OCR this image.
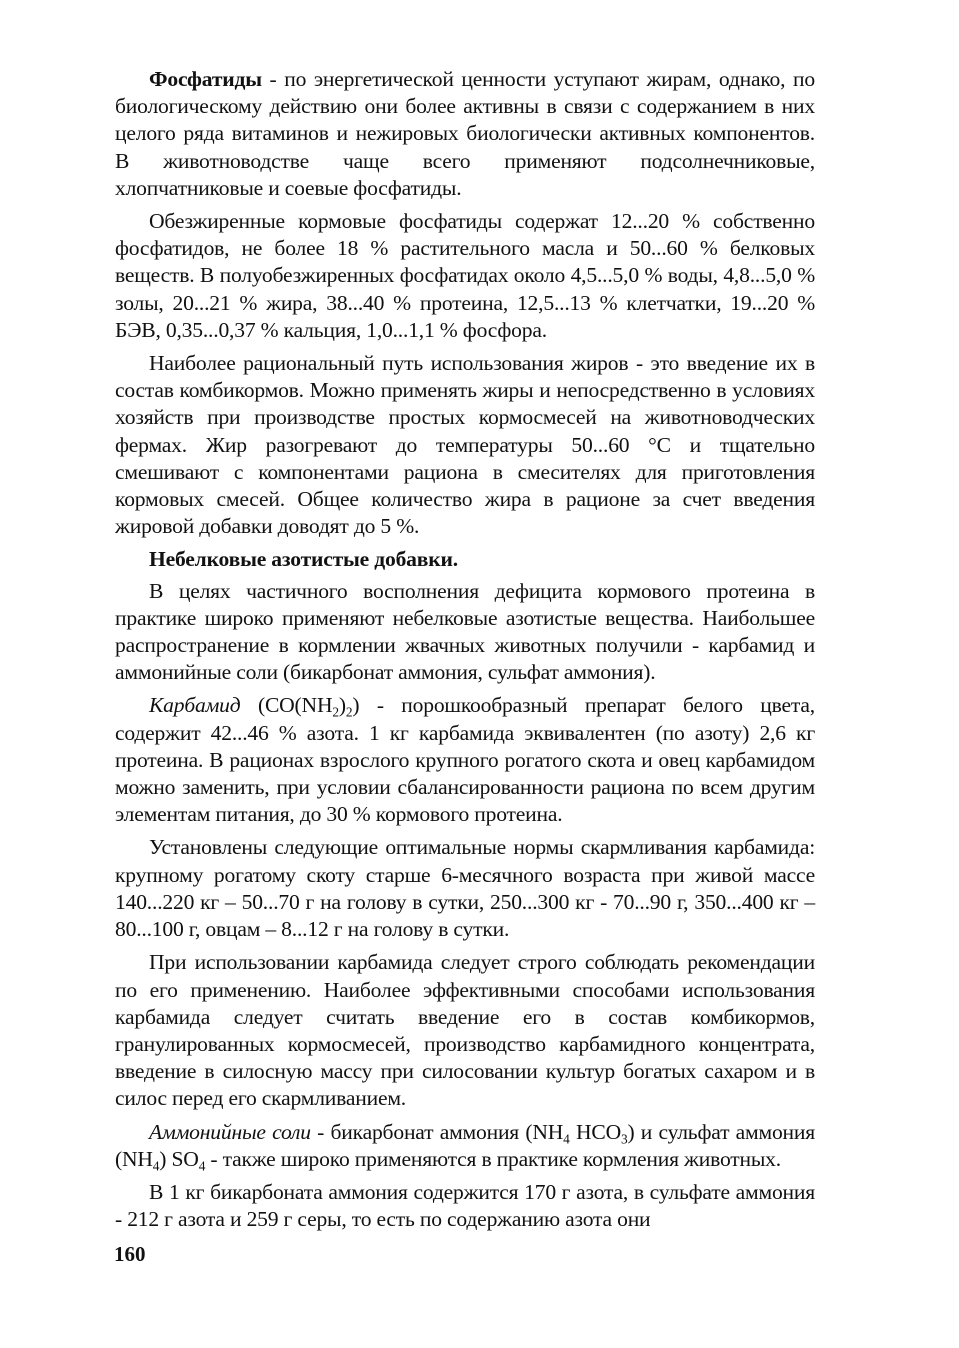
Фосфатиды - по энергетической ценности уступают жирам, однако, по биологическому действию они более активны в связи с содержанием в них целого ряда витаминов и нежировых биологически активных компонентов. В животноводстве чаще всего применяют подсолнечниковые, хлопчатниковые и соевые фосфатиды.

Обезжиренные кормовые фосфатиды содержат 12...20 % собственно фосфатидов, не более 18 % растительного масла и 50...60 % белковых веществ. В полуобезжиренных фосфатидах около 4,5...5,0 % воды, 4,8...5,0 % золы, 20...21 % жира, 38...40 % протеина, 12,5...13 % клетчатки, 19...20 % БЭВ, 0,35...0,37 % кальция, 1,0...1,1 % фосфора.

Наиболее рациональный путь использования жиров - это введение их в состав комбикормов. Можно применять жиры и непосредственно в условиях хозяйств при производстве простых кормосмесей на животноводческих фермах. Жир разогревают до температуры 50...60 °С и тщательно смешивают с компонентами рациона в смесителях для приготовления кормовых смесей. Общее количество жира в рационе за счет введения жировой добавки доводят до 5 %.

Небелковые азотистые добавки.

В целях частичного восполнения дефицита кормового протеина в практике широко применяют небелковые азотистые вещества. Наибольшее распространение в кормлении жвачных животных получили - карбамид и аммонийные соли (бикарбонат аммония, сульфат аммония).

Карбамид $(CO(NH_2)_2)$ - порошкообразный препарат белого цвета, содержит 42...46 % азота. 1 кг карбамида эквивалентен (по азоту) 2,6 кг протеина. В рационах взрослого крупного рогатого скота и овец карбамидом можно заменить, при условии сбалансированности рациона по всем другим элементам питания, до 30 % кормового протеина.

Установлены следующие оптимальные нормы скармливания карбамида: крупному рогатому скоту старше 6-месячного возраста при живой массе 140...220 кг – 50...70 г на голову в сутки, 250...300 кг - 70...90 г, 350...400 кг – 80...100 г, овцам – 8...12 г на голову в сутки.

При использовании карбамида следует строго соблюдать рекомендации по его применению. Наиболее эффективными способами использования карбамида следует считать введение его в состав комбикормов, гранулированных кормосмесей, производство карбамидного концентрата, введение в силосную массу при силосовании культур богатых сахаром и в силос перед его скармливанием.

Аммонийные соли - бикарбонат аммония ($NH_4$ $HCO_3$) и сульфат аммония $(NH_4)$ $SO_4$ - также широко применяются в практике кормления животных.

В 1 кг бикарбоната аммония содержится 170 г азота, в сульфате аммония - 212 г азота и 259 г серы, то есть по содержанию азота они

160
